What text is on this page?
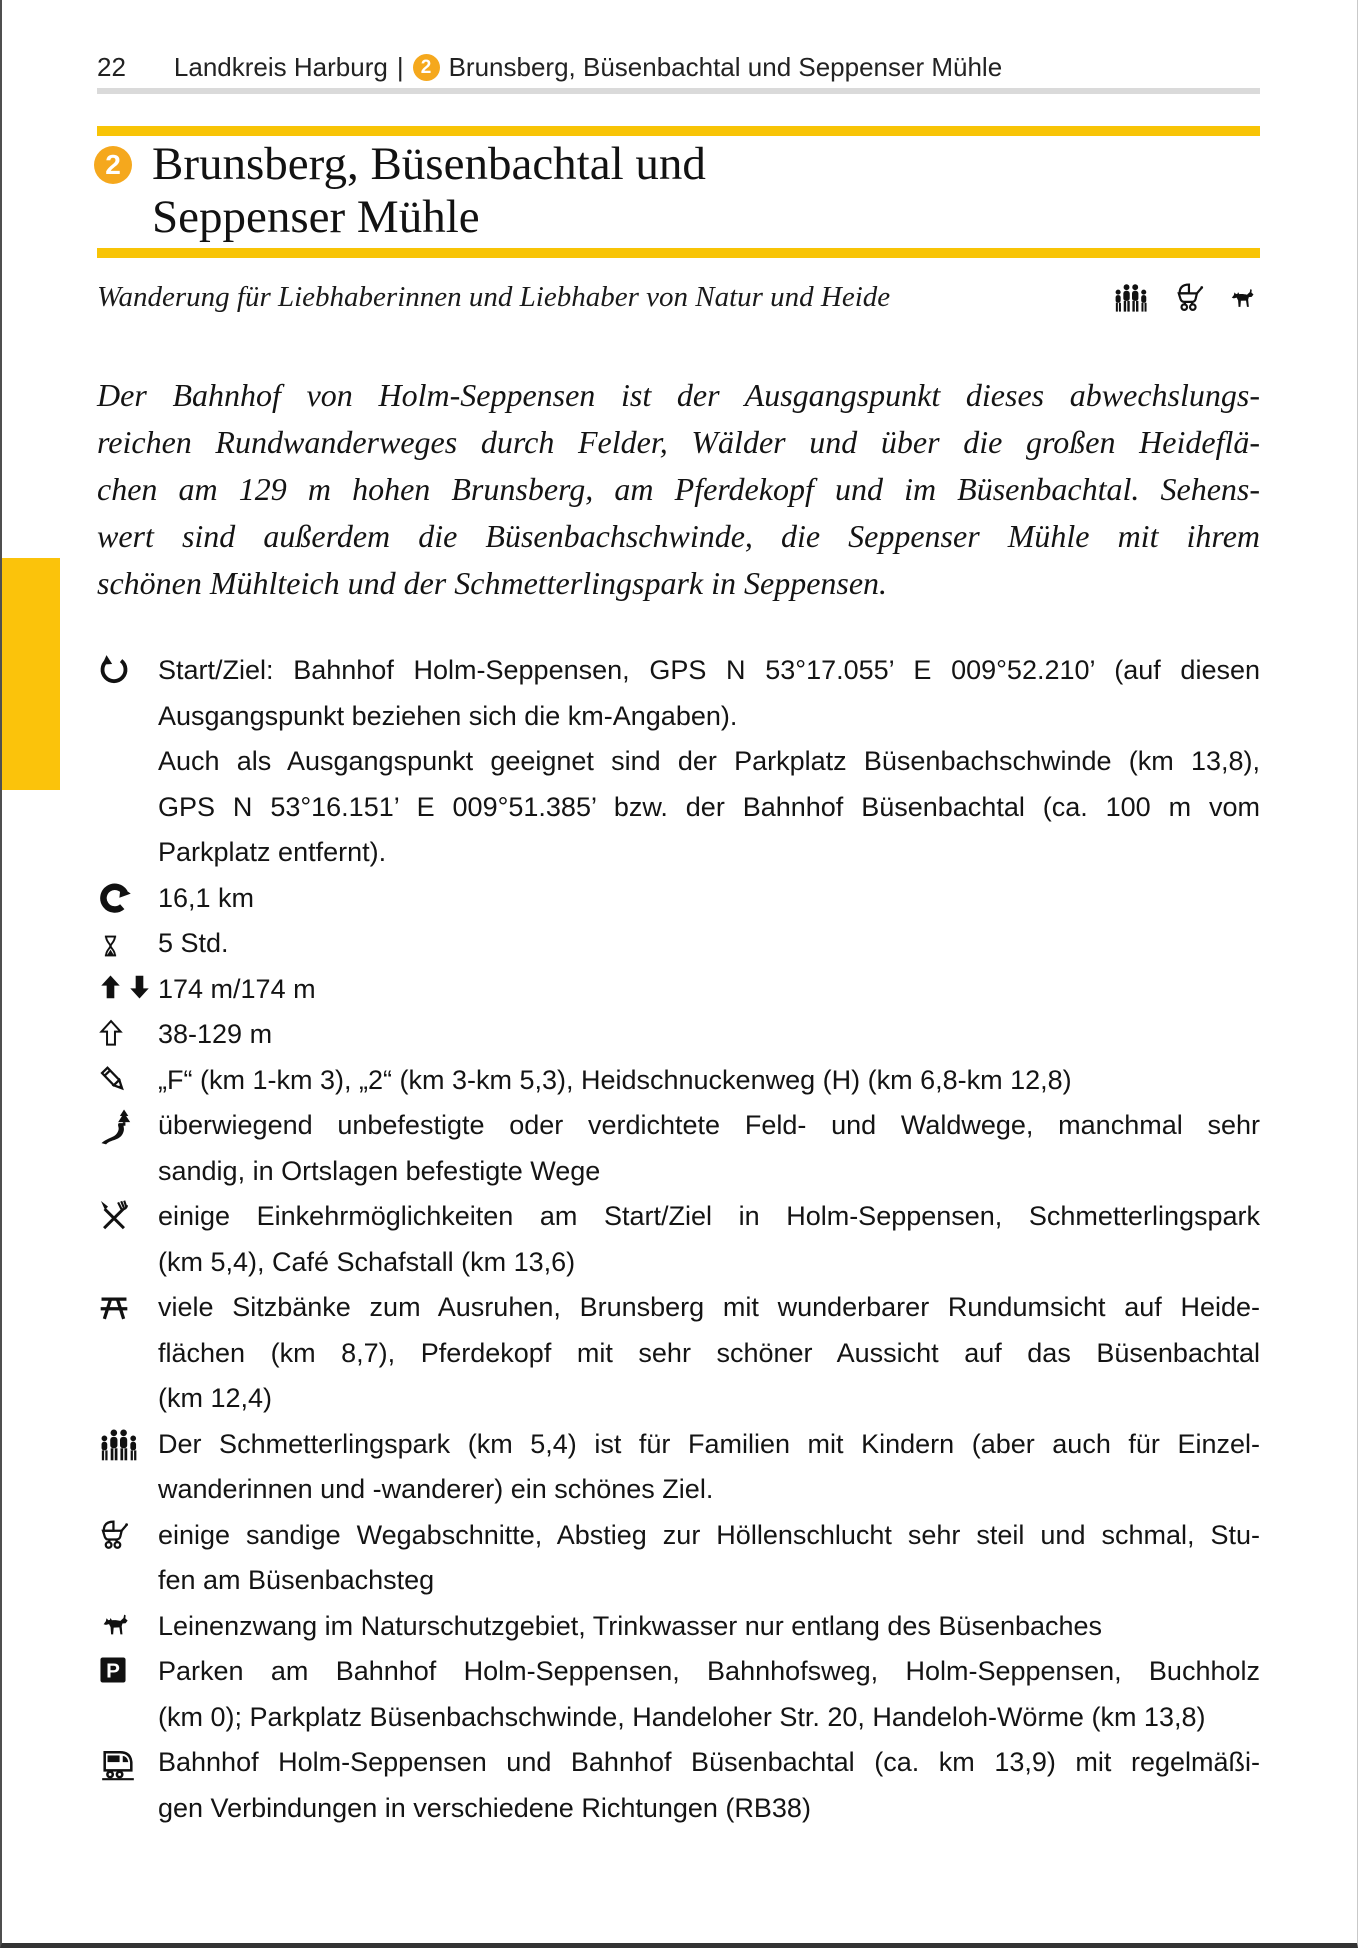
22 Landkreis Harburg | 2 Brunsberg, Büsenbachtal und Seppenser Mühle
2 Brunsberg, Büsenbachtal und
Seppenser Mühle
Wanderung für Liebhaberinnen und Liebhaber von Natur und Heide
Der Bahnhof von Holm-Seppensen ist der Ausgangspunkt dieses abwechslungs-
reichen Rundwanderweges durch Felder, Wälder und über die großen Heideflä-
chen am 129 m hohen Brunsberg, am Pferdekopf und im Büsenbachtal. Sehens-
wert sind außerdem die Büsenbachschwinde, die Seppenser Mühle mit ihrem
schönen Mühlteich und der Schmetterlingspark in Seppensen.
Start/Ziel: Bahnhof Holm-Seppensen, GPS N 53°17.055’ E 009°52.210’ (auf diesen
Ausgangspunkt beziehen sich die km-Angaben).
Auch als Ausgangspunkt geeignet sind der Parkplatz Büsenbachschwinde (km 13,8),
GPS N 53°16.151’ E 009°51.385’ bzw. der Bahnhof Büsenbachtal (ca. 100 m vom
Parkplatz entfernt).
16,1 km
5 Std.
174 m/174 m
38-129 m
„F“ (km 1-km 3), „2“ (km 3-km 5,3), Heidschnuckenweg (H) (km 6,8-km 12,8)
überwiegend unbefestigte oder verdichtete Feld- und Waldwege, manchmal sehr
sandig, in Ortslagen befestigte Wege
einige Einkehrmöglichkeiten am Start/Ziel in Holm-Seppensen, Schmetterlingspark
(km 5,4), Café Schafstall (km 13,6)
viele Sitzbänke zum Ausruhen, Brunsberg mit wunderbarer Rundumsicht auf Heide-
flächen (km 8,7), Pferdekopf mit sehr schöner Aussicht auf das Büsenbachtal
(km 12,4)
Der Schmetterlingspark (km 5,4) ist für Familien mit Kindern (aber auch für Einzel-
wanderinnen und -wanderer) ein schönes Ziel.
einige sandige Wegabschnitte, Abstieg zur Höllenschlucht sehr steil und schmal, Stu-
fen am Büsenbachsteg
Leinenzwang im Naturschutzgebiet, Trinkwasser nur entlang des Büsenbaches
P Parken am Bahnhof Holm-Seppensen, Bahnhofsweg, Holm-Seppensen, Buchholz
(km 0); Parkplatz Büsenbachschwinde, Handeloher Str. 20, Handeloh-Wörme (km 13,8)
Bahnhof Holm-Seppensen und Bahnhof Büsenbachtal (ca. km 13,9) mit regelmäßi-
gen Verbindungen in verschiedene Richtungen (RB38)
